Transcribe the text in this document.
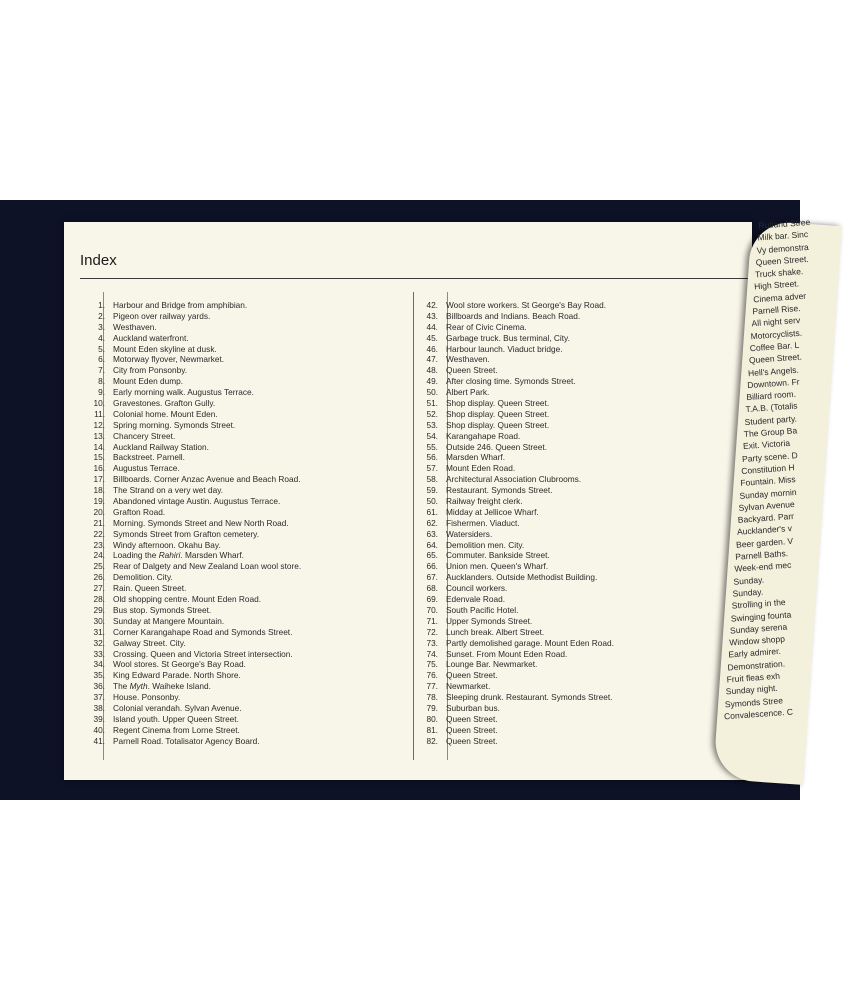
Index
1. Harbour and Bridge from amphibian.
2. Pigeon over railway yards.
3. Westhaven.
4. Auckland waterfront.
5. Mount Eden skyline at dusk.
6. Motorway flyover, Newmarket.
7. City from Ponsonby.
8. Mount Eden dump.
9. Early morning walk. Augustus Terrace.
10. Gravestones. Grafton Gully.
11. Colonial home. Mount Eden.
12. Spring morning. Symonds Street.
13. Chancery Street.
14. Auckland Railway Station.
15. Backstreet. Parnell.
16. Augustus Terrace.
17. Billboards. Corner Anzac Avenue and Beach Road.
18. The Strand on a very wet day.
19. Abandoned vintage Austin. Augustus Terrace.
20. Grafton Road.
21. Morning. Symonds Street and New North Road.
22. Symonds Street from Grafton cemetery.
23. Windy afternoon. Okahu Bay.
24. Loading the Rahiri. Marsden Wharf.
25. Rear of Dalgety and New Zealand Loan wool store.
26. Demolition. City.
27. Rain. Queen Street.
28. Old shopping centre. Mount Eden Road.
29. Bus stop. Symonds Street.
30. Sunday at Mangere Mountain.
31. Corner Karangahape Road and Symonds Street.
32. Galway Street. City.
33. Crossing. Queen and Victoria Street intersection.
34. Wool stores. St George's Bay Road.
35. King Edward Parade. North Shore.
36. The Myth. Waiheke Island.
37. House. Ponsonby.
38. Colonial verandah. Sylvan Avenue.
39. Island youth. Upper Queen Street.
40. Regent Cinema from Lorne Street.
41. Parnell Road. Totalisator Agency Board.
42. Wool store workers. St George's Bay Road.
43. Billboards and Indians. Beach Road.
44. Rear of Civic Cinema.
45. Garbage truck. Bus terminal, City.
46. Harbour launch. Viaduct bridge.
47. Westhaven.
48. Queen Street.
49. After closing time. Symonds Street.
50. Albert Park.
51. Shop display. Queen Street.
52. Shop display. Queen Street.
53. Shop display. Queen Street.
54. Karangahape Road.
55. Outside 246. Queen Street.
56. Marsden Wharf.
57. Mount Eden Road.
58. Architectural Association Clubrooms.
59. Restaurant. Symonds Street.
50. Railway freight clerk.
61. Midday at Jellicoe Wharf.
62. Fishermen. Viaduct.
63. Watersiders.
64. Demolition men. City.
65. Commuter. Bankside Street.
66. Union men. Queen's Wharf.
67. Aucklanders. Outside Methodist Building.
68. Council workers.
69. Edenvale Road.
70. South Pacific Hotel.
71. Upper Symonds Street.
72. Lunch break. Albert Street.
73. Partly demolished garage. Mount Eden Road.
74. Sunset. From Mount Eden Road.
75. Lounge Bar. Newmarket.
76. Queen Street.
77. Newmarket.
78. Sleeping drunk. Restaurant. Symonds Street.
79. Suburban bus.
80. Queen Street.
81. Queen Street.
82. Queen Street.
Rutland Stree
Milk bar. Sinc
Vy demonstra
Queen Street.
Truck shake.
High Street.
Cinema adver
Parnell Rise.
All night serv
Motorcyclists.
Coffee Bar. L
Queen Street.
Hell's Angels.
Downtown. Fr
Billiard room.
T.A.B. (Totalis
Student party.
The Group Ba
Exit. Victoria
Party scene. D
Constitution H
Fountain. Miss
Sunday mornin
Sylvan Avenue
Backyard. Parr
Aucklander's v
Beer garden. V
Parnell Baths.
Week-end mec
Sunday.
Sunday.
Strolling in the
Swinging founta
Sunday serena
Window shopp
Early admirer.
Demonstration.
Fruit fleas exh
Sunday night.
Symonds Stree
Convalescence. C
